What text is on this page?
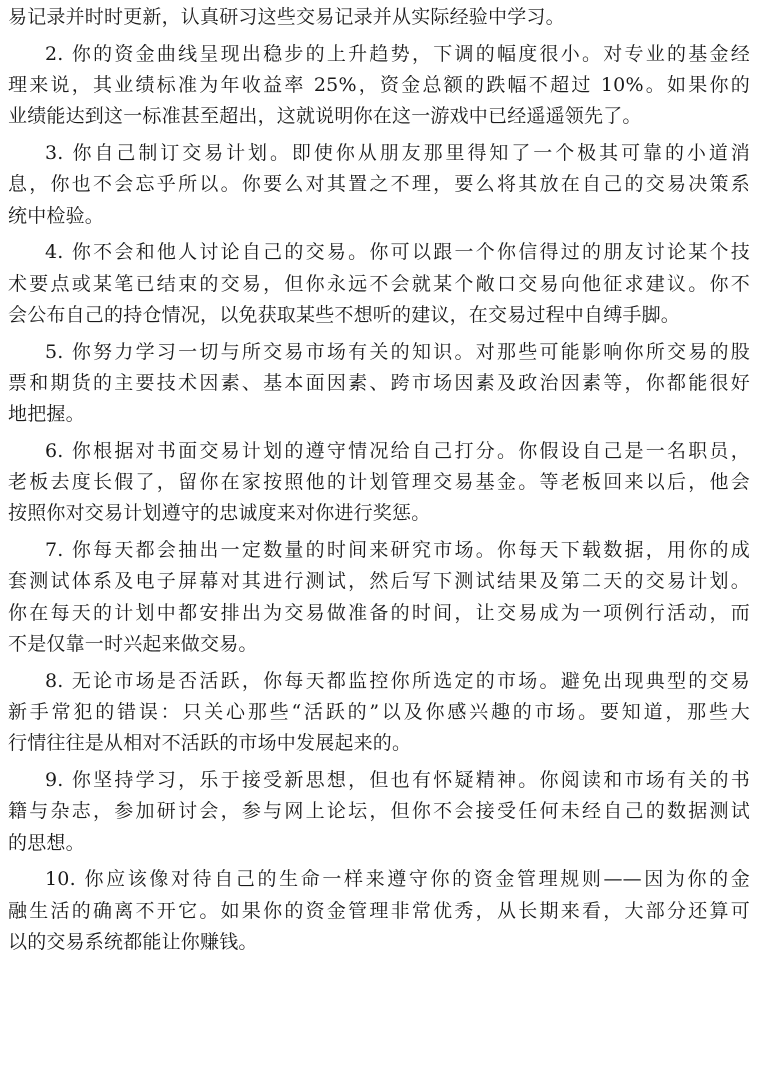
易记录并时时更新，认真研习这些交易记录并从实际经验中学习。
2. 你的资金曲线呈现出稳步的上升趋势，下调的幅度很小。对专业的基金经
理来说，其业绩标准为年收益率 25%，资金总额的跌幅不超过 10%。如果你的
业绩能达到这一标准甚至超出，这就说明你在这一游戏中已经遥遥领先了。
3. 你自己制订交易计划。即使你从朋友那里得知了一个极其可靠的小道消
息，你也不会忘乎所以。你要么对其置之不理，要么将其放在自己的交易决策系
统中检验。
4. 你不会和他人讨论自己的交易。你可以跟一个你信得过的朋友讨论某个技
术要点或某笔已结束的交易，但你永远不会就某个敞口交易向他征求建议。你不
会公布自己的持仓情况，以免获取某些不想听的建议，在交易过程中自缚手脚。
5. 你努力学习一切与所交易市场有关的知识。对那些可能影响你所交易的股
票和期货的主要技术因素、基本面因素、跨市场因素及政治因素等，你都能很好
地把握。
6. 你根据对书面交易计划的遵守情况给自己打分。你假设自己是一名职员，
老板去度长假了，留你在家按照他的计划管理交易基金。等老板回来以后，他会
按照你对交易计划遵守的忠诚度来对你进行奖惩。
7. 你每天都会抽出一定数量的时间来研究市场。你每天下载数据，用你的成
套测试体系及电子屏幕对其进行测试，然后写下测试结果及第二天的交易计划。
你在每天的计划中都安排出为交易做准备的时间，让交易成为一项例行活动，而
不是仅靠一时兴起来做交易。
8. 无论市场是否活跃，你每天都监控你所选定的市场。避免出现典型的交易
新手常犯的错误：只关心那些“活跃的”以及你感兴趣的市场。要知道，那些大
行情往往是从相对不活跃的市场中发展起来的。
9. 你坚持学习，乐于接受新思想，但也有怀疑精神。你阅读和市场有关的书
籍与杂志，参加研讨会，参与网上论坛，但你不会接受任何未经自己的数据测试
的思想。
10. 你应该像对待自己的生命一样来遵守你的资金管理规则——因为你的金
融生活的确离不开它。如果你的资金管理非常优秀，从长期来看，大部分还算可
以的交易系统都能让你赚钱。
